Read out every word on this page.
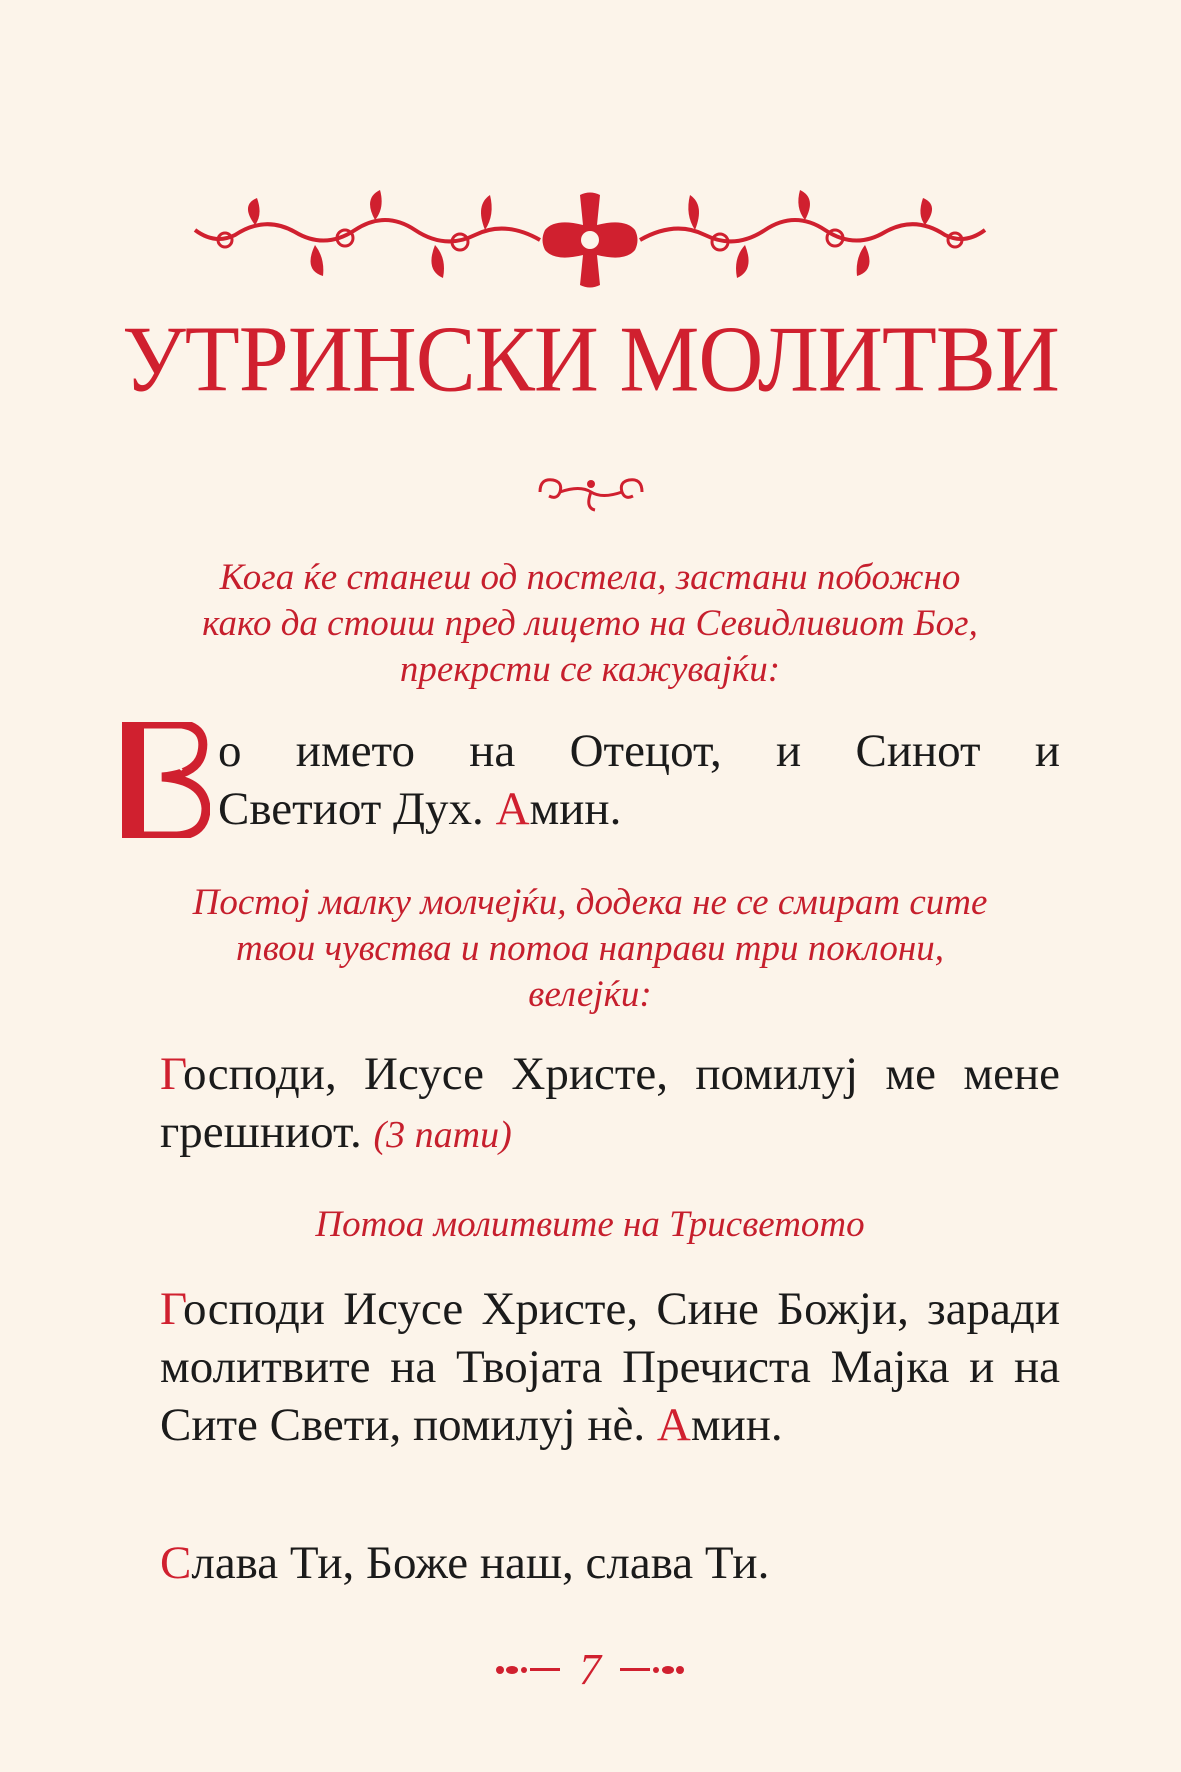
УТРИНСКИ МОЛИТВИ
Кога ќе станеш од постела, застани побожно
како да стоиш пред лицето на Севидливиот Бог,
прекрсти се кажувајќи:
о името на Отецот, и Синот и
Светиот Дух. Амин.
Постој малку молчејќи, додека не се смират сите
твои чувства и потоа направи три поклони,
велејќи:
Господи, Исусе Христе, помилуј ме мене грешниот. (3 пати)
Потоа молитвите на Трисветото
Господи Исусе Христе, Сине Божји, заради молитвите на Твојата Пречиста Мајка и на Сите Свети, помилуј нè. Амин.
Слава Ти, Боже наш, слава Ти.
7
